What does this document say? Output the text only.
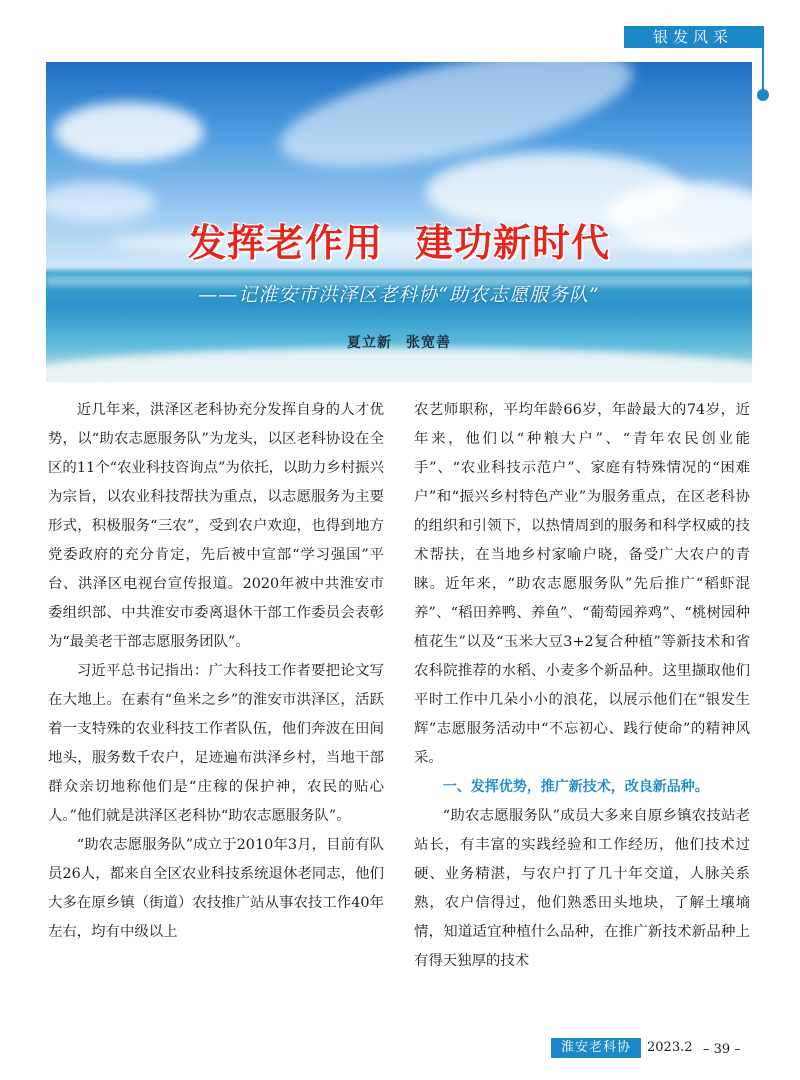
银发风采
发挥老作用 建功新时代

——记淮安市洪泽区老科协“助农志愿服务队”

夏立新 张宽善

近几年来，洪泽区老科协充分发挥自身的人才优势，以“助农志愿服务队”为龙头，以区老科协设在全区的11个“农业科技咨询点”为依托，以助力乡村振兴为宗旨，以农业科技帮扶为重点，以志愿服务为主要形式，积极服务“三农”，受到农户欢迎，也得到地方党委政府的充分肯定，先后被中宣部“学习强国”平台、洪泽区电视台宣传报道。2020年被中共淮安市委组织部、中共淮安市委离退休干部工作委员会表彰为“最美老干部志愿服务团队”。

习近平总书记指出：广大科技工作者要把论文写在大地上。在素有“鱼米之乡”的淮安市洪泽区，活跃着一支特殊的农业科技工作者队伍，他们奔波在田间地头，服务数千农户，足迹遍布洪泽乡村，当地干部群众亲切地称他们是“庄稼的保护神，农民的贴心人。”他们就是洪泽区老科协“助农志愿服务队”。

“助农志愿服务队”成立于2010年3月，目前有队员26人，都来自全区农业科技系统退休老同志，他们大多在原乡镇（街道）农技推广站从事农技工作40年左右，均有中级以上

农艺师职称，平均年龄66岁，年龄最大的74岁，近年来，他们以“种粮大户”、“青年农民创业能手”、“农业科技示范户”、家庭有特殊情况的“困难户”和“振兴乡村特色产业”为服务重点，在区老科协的组织和引领下，以热情周到的服务和科学权威的技术帮扶，在当地乡村家喻户晓，备受广大农户的青睐。近年来，“助农志愿服务队”先后推广“稻虾混养”、“稻田养鸭、养鱼”、“葡萄园养鸡”、“桃树园种植花生”以及“玉米大豆3+2复合种植”等新技术和省农科院推荐的水稻、小麦多个新品种。这里撷取他们平时工作中几朵小小的浪花，以展示他们在“银发生辉”志愿服务活动中“不忘初心、践行使命”的精神风采。

一、发挥优势，推广新技术，改良新品种。

“助农志愿服务队”成员大多来自原乡镇农技站老站长，有丰富的实践经验和工作经历，他们技术过硬、业务精湛，与农户打了几十年交道，人脉关系熟，农户信得过，他们熟悉田头地块，了解土壤墒情，知道适宜种植什么品种，在推广新技术新品种上有得天独厚的技术

淮安老科协	2023.2 – 39 –
